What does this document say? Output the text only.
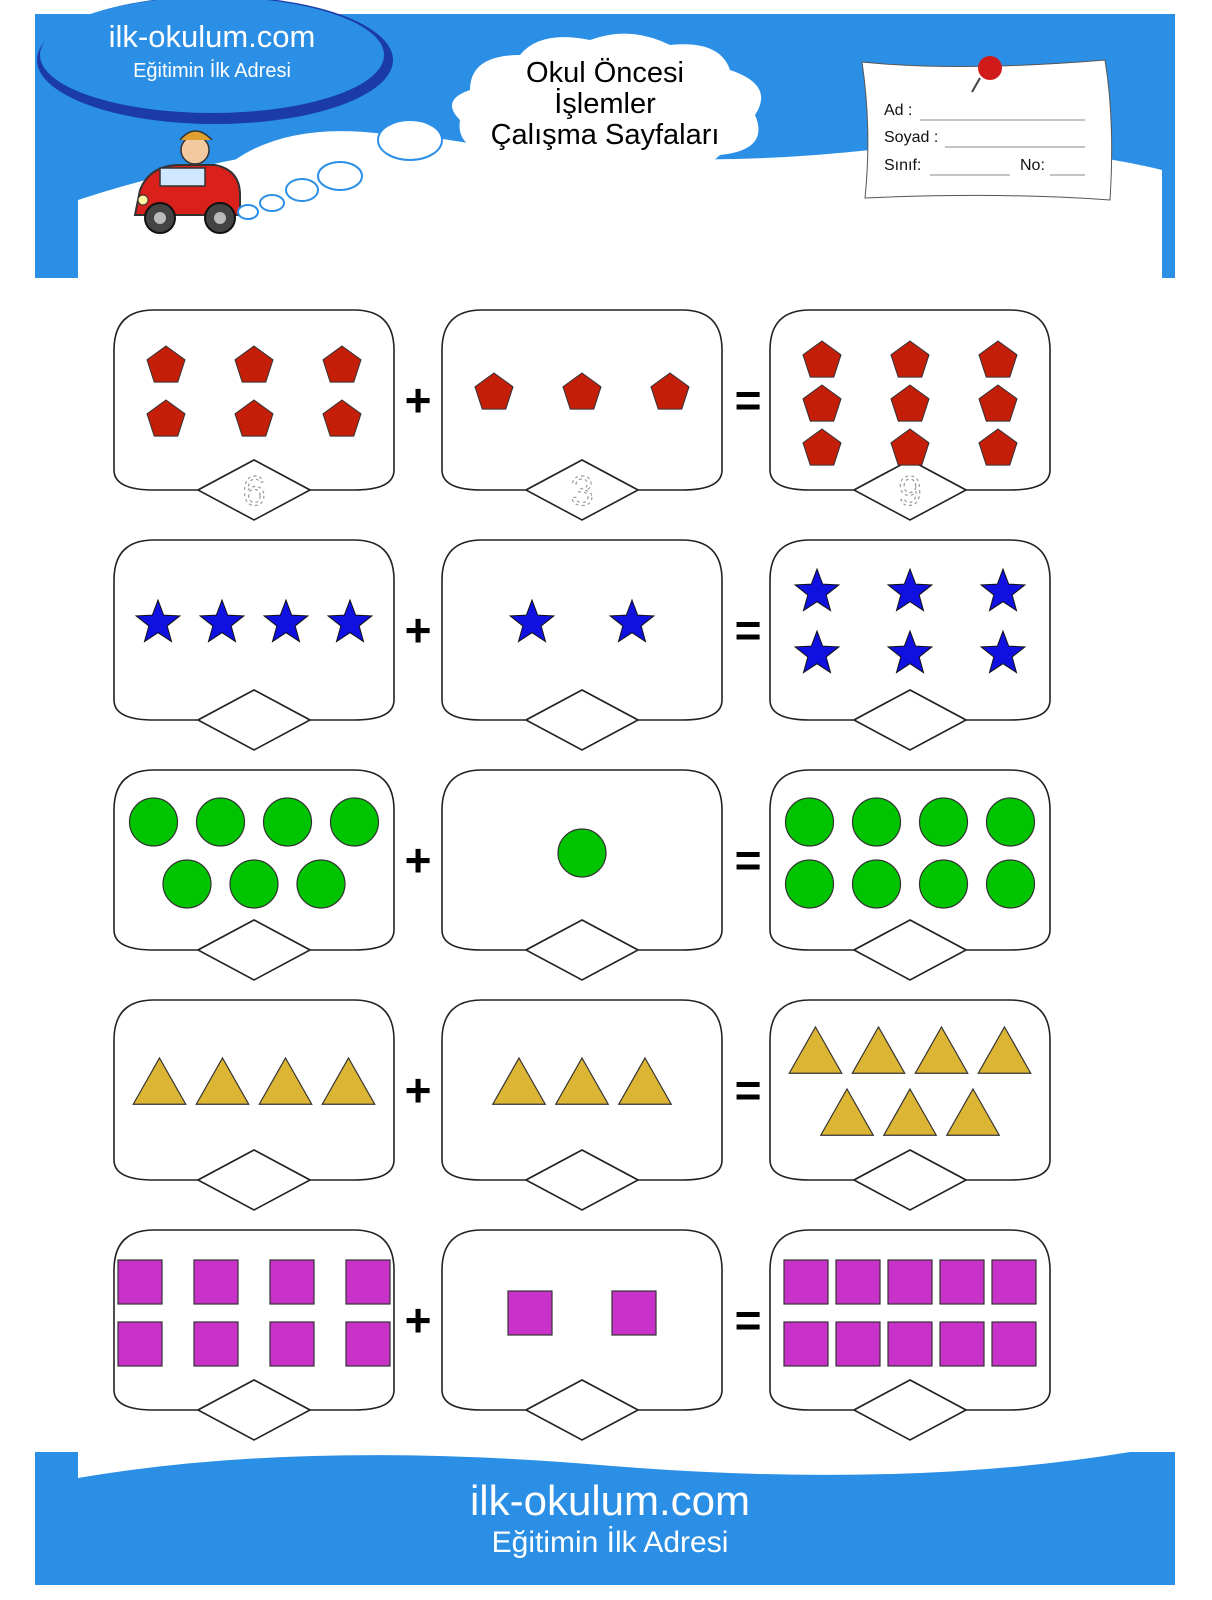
ilk-okulum.com
Eğitimin İlk Adresi	Okul Öncesi
İşlemler
Çalışma Sayfaları
Ad :
Soyad :
Sınıf:	No:
6	3	9
+	=
+	=
+	=
+	=
+	=
ilk-okulum.com
Eğitimin İlk Adresi
